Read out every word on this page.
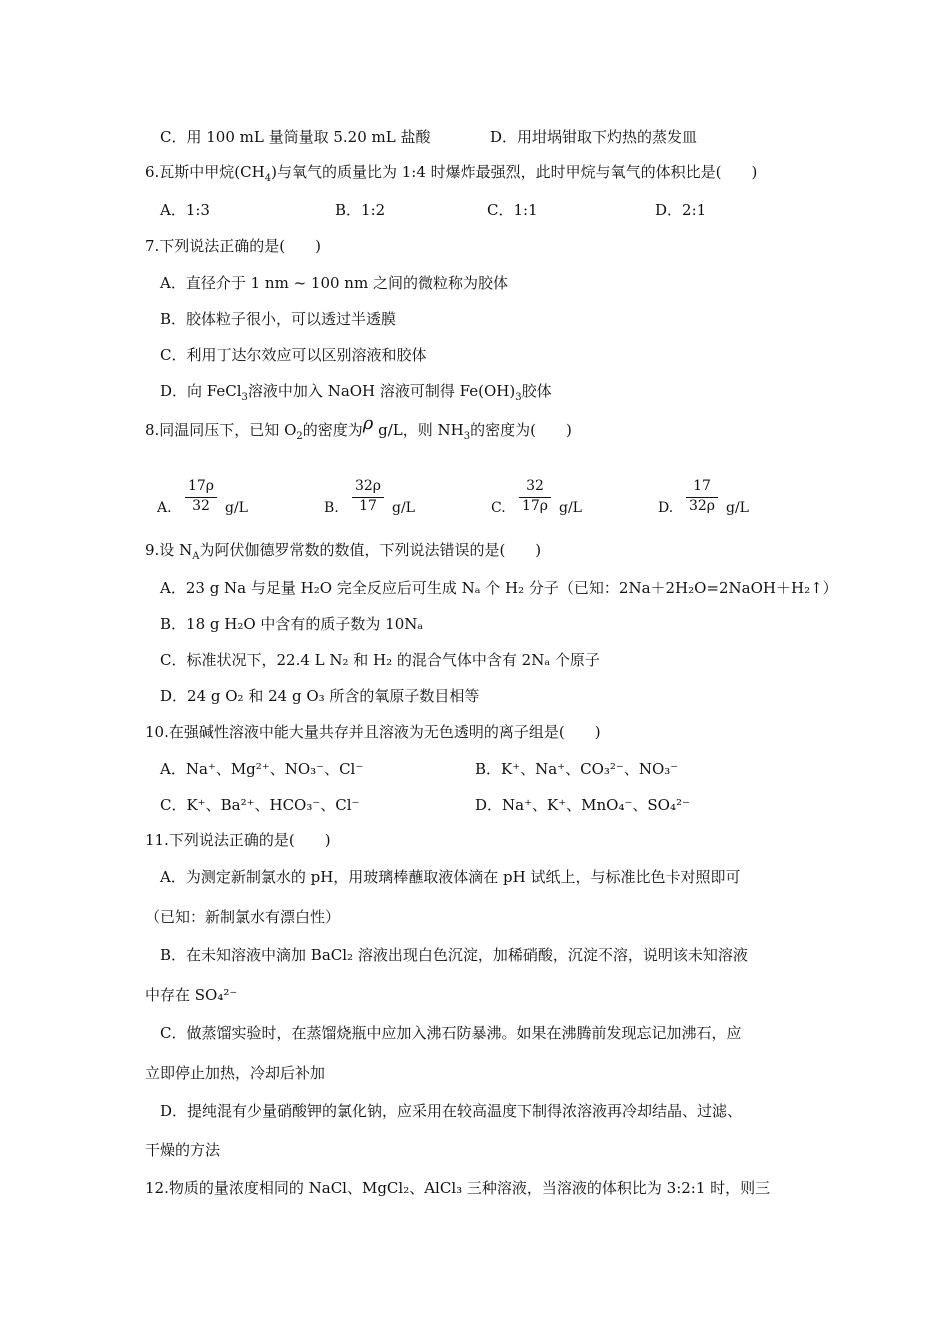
C．用 100 mL 量筒量取 5.20 mL 盐酸	D．用坩埚钳取下灼热的蒸发皿
6.瓦斯中甲烷$(CH_4)$与氧气的质量比为 1:4 时爆炸最强烈，此时甲烷与氧气的体积比是(　　)
A．1:3	B．1:2	C．1:1	D．2:1
7.下列说法正确的是(　　)
A．直径介于 1 nm ~ 100 nm 之间的微粒称为胶体
B．胶体粒子很小，可以透过半透膜
C．利用丁达尔效应可以区别溶液和胶体
D．向 FeCl$_3$溶液中加入 NaOH 溶液可制得 $Fe(OH)_3$胶体
8.同温同压下，已知 $O_2$的密度为ρ g/L，则 $NH_3$的密度为(　　)
A.
17ρ
32	g/L	B.
32ρ
17	g/L	C.
32
17ρ g/L	D.
17
32ρ g/L
9.设 $N_A$为阿伏伽德罗常数的数值，下列说法错误的是(　　)
A．23 g Na 与足量 H₂O 完全反应后可生成 Nₐ 个 H₂ 分子（已知：2Na＋2H₂O=2NaOH＋H₂↑）
B．18 g H₂O 中含有的质子数为 10Nₐ
C．标准状况下，22.4 L N₂ 和 H₂ 的混合气体中含有 2Nₐ 个原子
D．24 g O₂ 和 24 g O₃ 所含的氧原子数目相等
10.在强碱性溶液中能大量共存并且溶液为无色透明的离子组是(　　)
A．Na⁺、Mg²⁺、NO₃⁻、Cl⁻	B．K⁺、Na⁺、CO₃²⁻、NO₃⁻
C．K⁺、Ba²⁺、HCO₃⁻、Cl⁻	D．Na⁺、K⁺、MnO₄⁻、SO₄²⁻
11.下列说法正确的是(　　)
A．为测定新制氯水的 pH，用玻璃棒蘸取液体滴在 pH 试纸上，与标准比色卡对照即可
（已知：新制氯水有漂白性）
B．在未知溶液中滴加 BaCl₂ 溶液出现白色沉淀，加稀硝酸，沉淀不溶，说明该未知溶液
中存在 SO₄²⁻
C．做蒸馏实验时，在蒸馏烧瓶中应加入沸石防暴沸。如果在沸腾前发现忘记加沸石，应
立即停止加热，冷却后补加
D．提纯混有少量硝酸钾的氯化钠，应采用在较高温度下制得浓溶液再冷却结晶、过滤、
干燥的方法
12.物质的量浓度相同的 NaCl、MgCl₂、AlCl₃ 三种溶液，当溶液的体积比为 3:2:1 时，则三
